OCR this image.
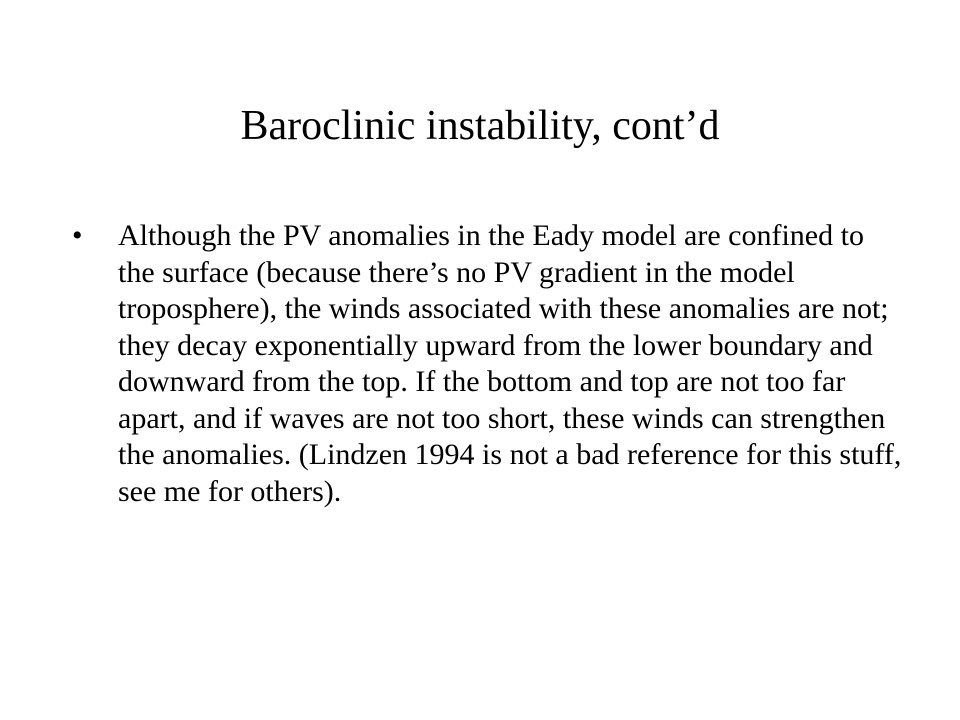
Baroclinic instability, cont’d
•	Although the PV anomalies in the Eady model are confined to the surface (because there’s no PV gradient in the model troposphere), the winds associated with these anomalies are not; they decay exponentially upward from the lower boundary and downward from the top. If the bottom and top are not too far apart, and if waves are not too short, these winds can strengthen the anomalies. (Lindzen 1994 is not a bad reference for this stuff, see me for others).
